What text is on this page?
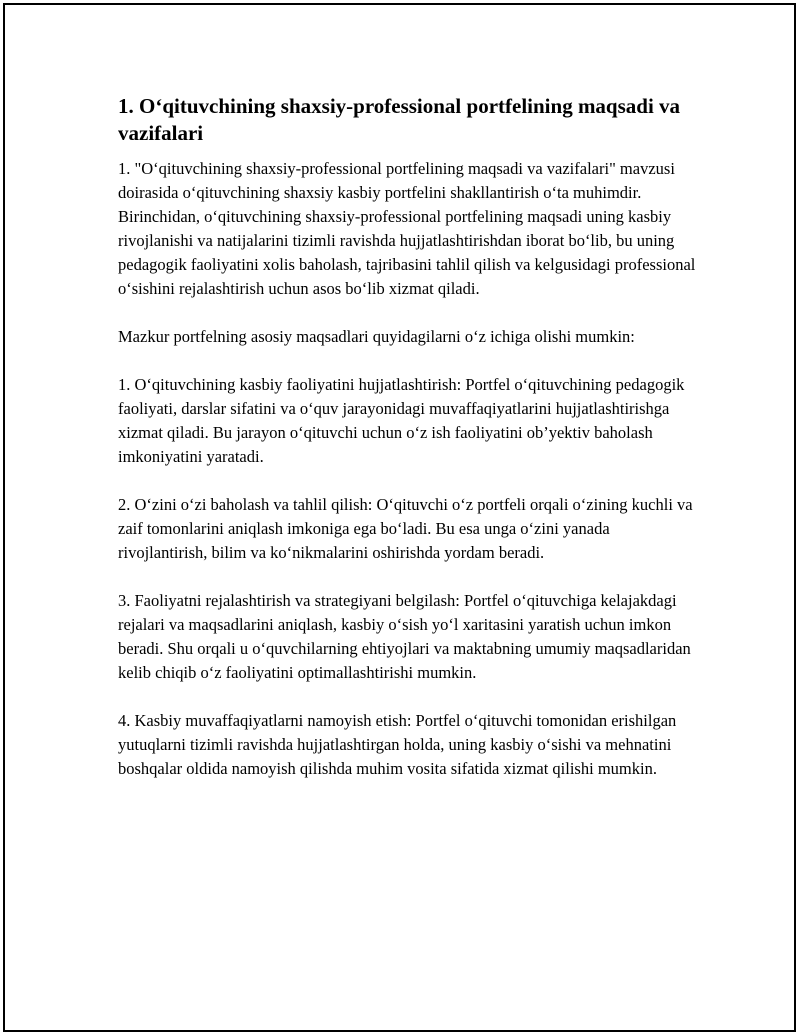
1. O‘qituvchining shaxsiy-professional portfelining maqsadi va vazifalari

1. "O‘qituvchining shaxsiy-professional portfelining maqsadi va vazifalari" mavzusi doirasida o‘qituvchining shaxsiy kasbiy portfelini shakllantirish o‘ta muhimdir. Birinchidan, o‘qituvchining shaxsiy-professional portfelining maqsadi uning kasbiy rivojlanishi va natijalarini tizimli ravishda hujjatlashtirishdan iborat bo‘lib, bu uning pedagogik faoliyatini xolis baholash, tajribasini tahlil qilish va kelgusidagi professional o‘sishini rejalashtirish uchun asos bo‘lib xizmat qiladi.

Mazkur portfelning asosiy maqsadlari quyidagilarni o‘z ichiga olishi mumkin:

1. O‘qituvchining kasbiy faoliyatini hujjatlashtirish: Portfel o‘qituvchining pedagogik faoliyati, darslar sifatini va o‘quv jarayonidagi muvaffaqiyatlarini hujjatlashtirishga xizmat qiladi. Bu jarayon o‘qituvchi uchun o‘z ish faoliyatini ob’yektiv baholash imkoniyatini yaratadi.

2. O‘zini o‘zi baholash va tahlil qilish: O‘qituvchi o‘z portfeli orqali o‘zining kuchli va zaif tomonlarini aniqlash imkoniga ega bo‘ladi. Bu esa unga o‘zini yanada rivojlantirish, bilim va ko‘nikmalarini oshirishda yordam beradi.

3. Faoliyatni rejalashtirish va strategiyani belgilash: Portfel o‘qituvchiga kelajakdagi rejalari va maqsadlarini aniqlash, kasbiy o‘sish yo‘l xaritasini yaratish uchun imkon beradi. Shu orqali u o‘quvchilarning ehtiyojlari va maktabning umumiy maqsadlaridan kelib chiqib o‘z faoliyatini optimallashtirishi mumkin.

4. Kasbiy muvaffaqiyatlarni namoyish etish: Portfel o‘qituvchi tomonidan erishilgan yutuqlarni tizimli ravishda hujjatlashtirgan holda, uning kasbiy o‘sishi va mehnatini boshqalar oldida namoyish qilishda muhim vosita sifatida xizmat qilishi mumkin.
